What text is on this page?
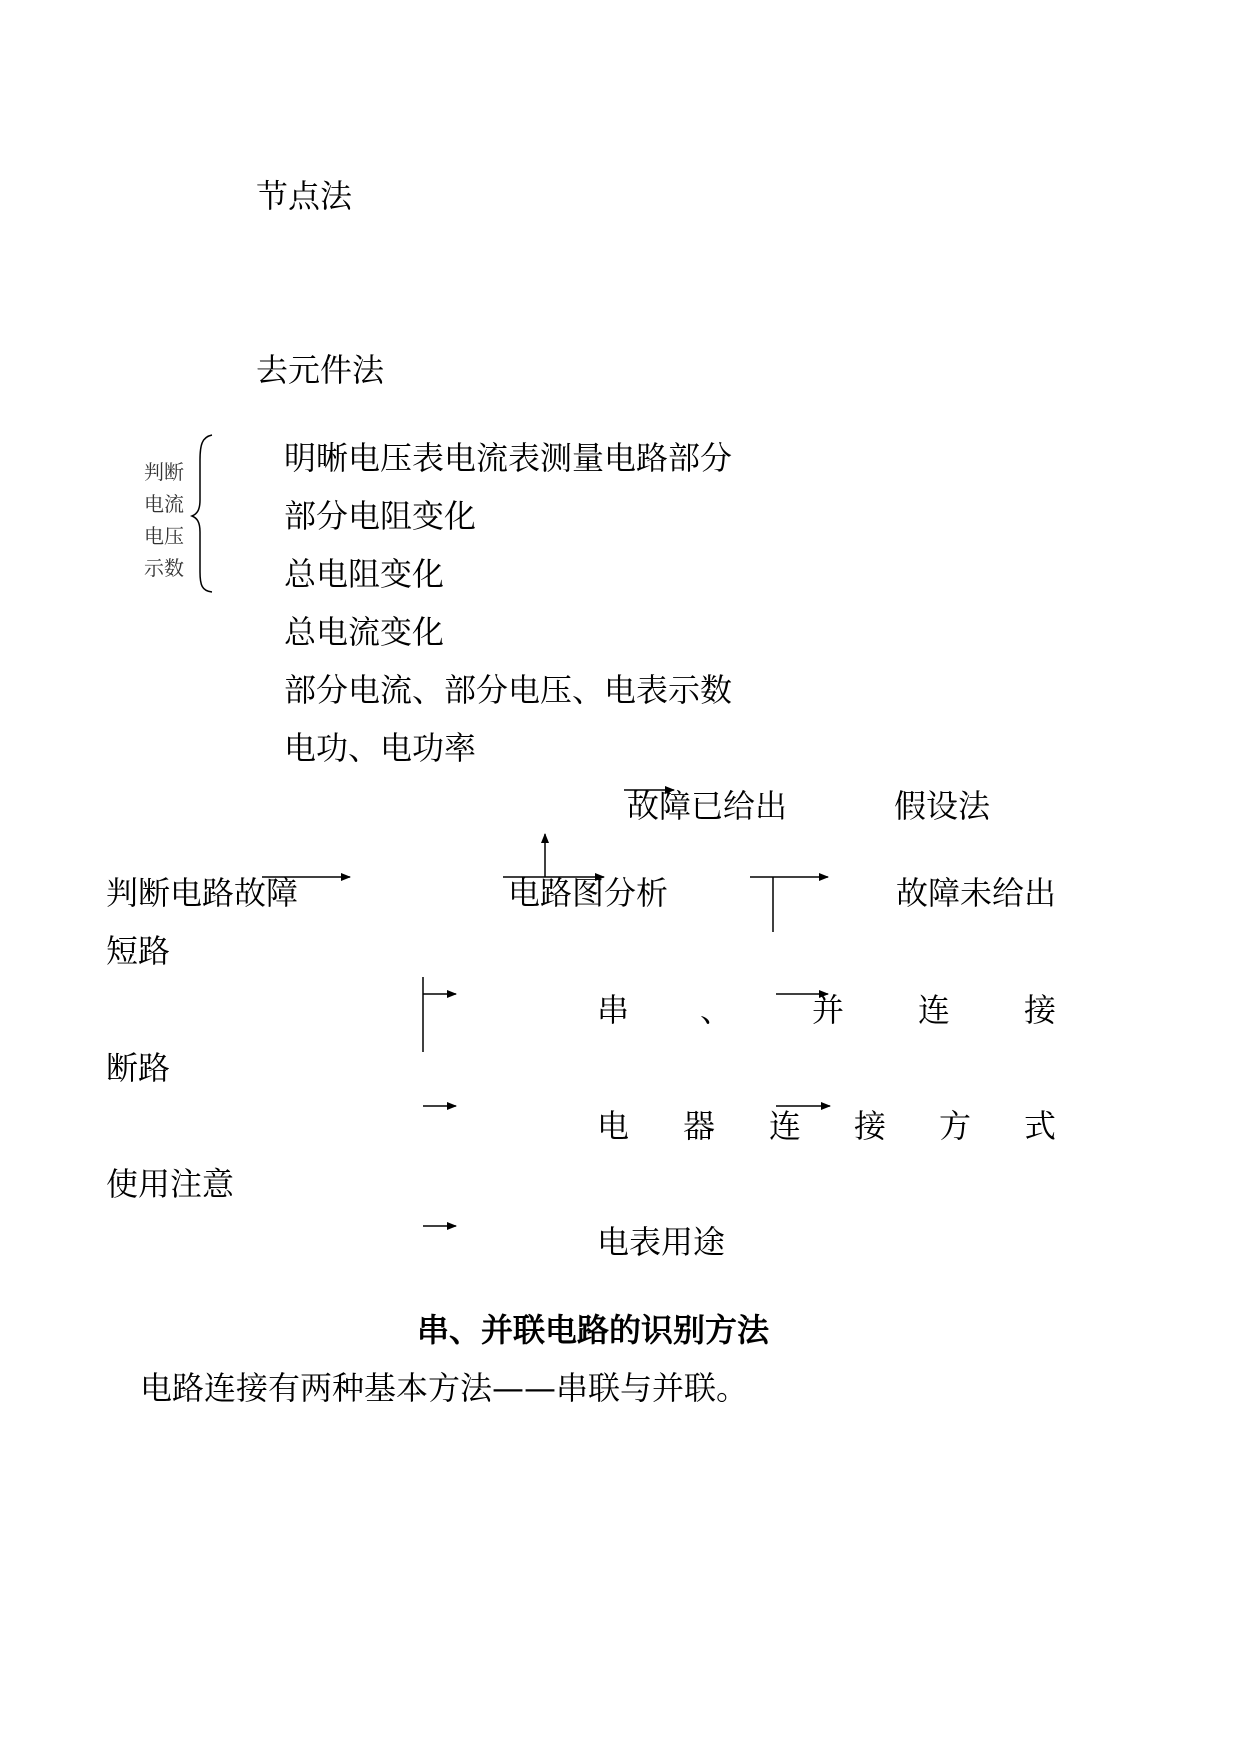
节点法
去元件法
判断
电流
电压
示数
明晰电压表电流表测量电路部分
部分电阻变化
总电阻变化
总电流变化
部分电流、部分电压、电表示数
电功、电功率
故障已给出	假设法
判断电路故障	电路图分析	故障未给出
短路
断路
使用注意
串 、 并 连 接
电 器 连 接 方 式
电表用途
串、并联电路的识别方法
电路连接有两种基本方法——串联与并联。
